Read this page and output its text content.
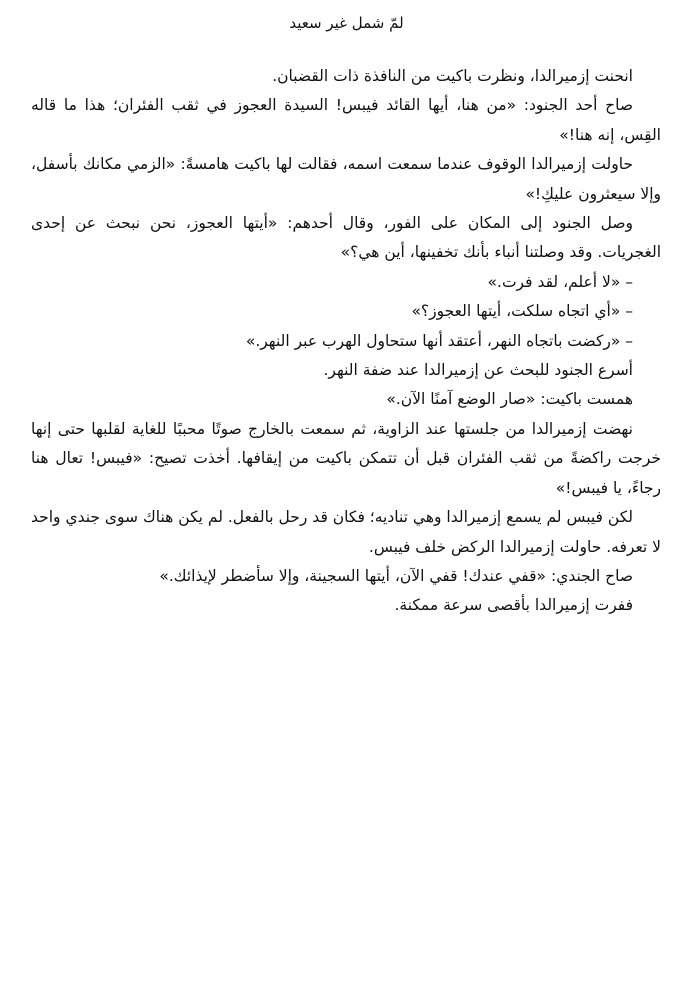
لمّ شمل غير سعيد

انحنت إزميرالدا، ونظرت باكيت من النافذة ذات القضبان.

صاح أحد الجنود: «من هنا، أيها القائد فيبس! السيدة العجوز في ثقب الفئران؛ هذا ما قاله القِس، إنه هنا!»

حاولت إزميرالدا الوقوف عندما سمعت اسمه، فقالت لها باكيت هامسةً: «الزمي مكانك بأسفل، وإلا سيعثرون عليكِ!»

وصل الجنود إلى المكان على الفور، وقال أحدهم: «أيتها العجوز، نحن نبحث عن إحدى الغجريات. وقد وصلتنا أنباء بأنك تخفينها، أين هي؟»

– «لا أعلم، لقد فرت.»

– «أي اتجاه سلكت، أيتها العجوز؟»

– «ركضت باتجاه النهر، أعتقد أنها ستحاول الهرب عبر النهر.»

أسرع الجنود للبحث عن إزميرالدا عند ضفة النهر.

همست باكيت: «صار الوضع آمنًا الآن.»

نهضت إزميرالدا من جلستها عند الزاوية، ثم سمعت بالخارج صوتًا محببًا للغاية لقلبها حتى إنها خرجت راكضةً من ثقب الفئران قبل أن تتمكن باكيت من إيقافها. أخذت تصيح: «فيبس! تعال هنا رجاءً، يا فيبس!»

لكن فيبس لم يسمع إزميرالدا وهي تناديه؛ فكان قد رحل بالفعل. لم يكن هناك سوى جندي واحد لا تعرفه. حاولت إزميرالدا الركض خلف فيبس.

صاح الجندي: «قفي عندك! قفي الآن، أيتها السجينة، وإلا سأضطر لإيذائك.»

ففرت إزميرالدا بأقصى سرعة ممكنة.
